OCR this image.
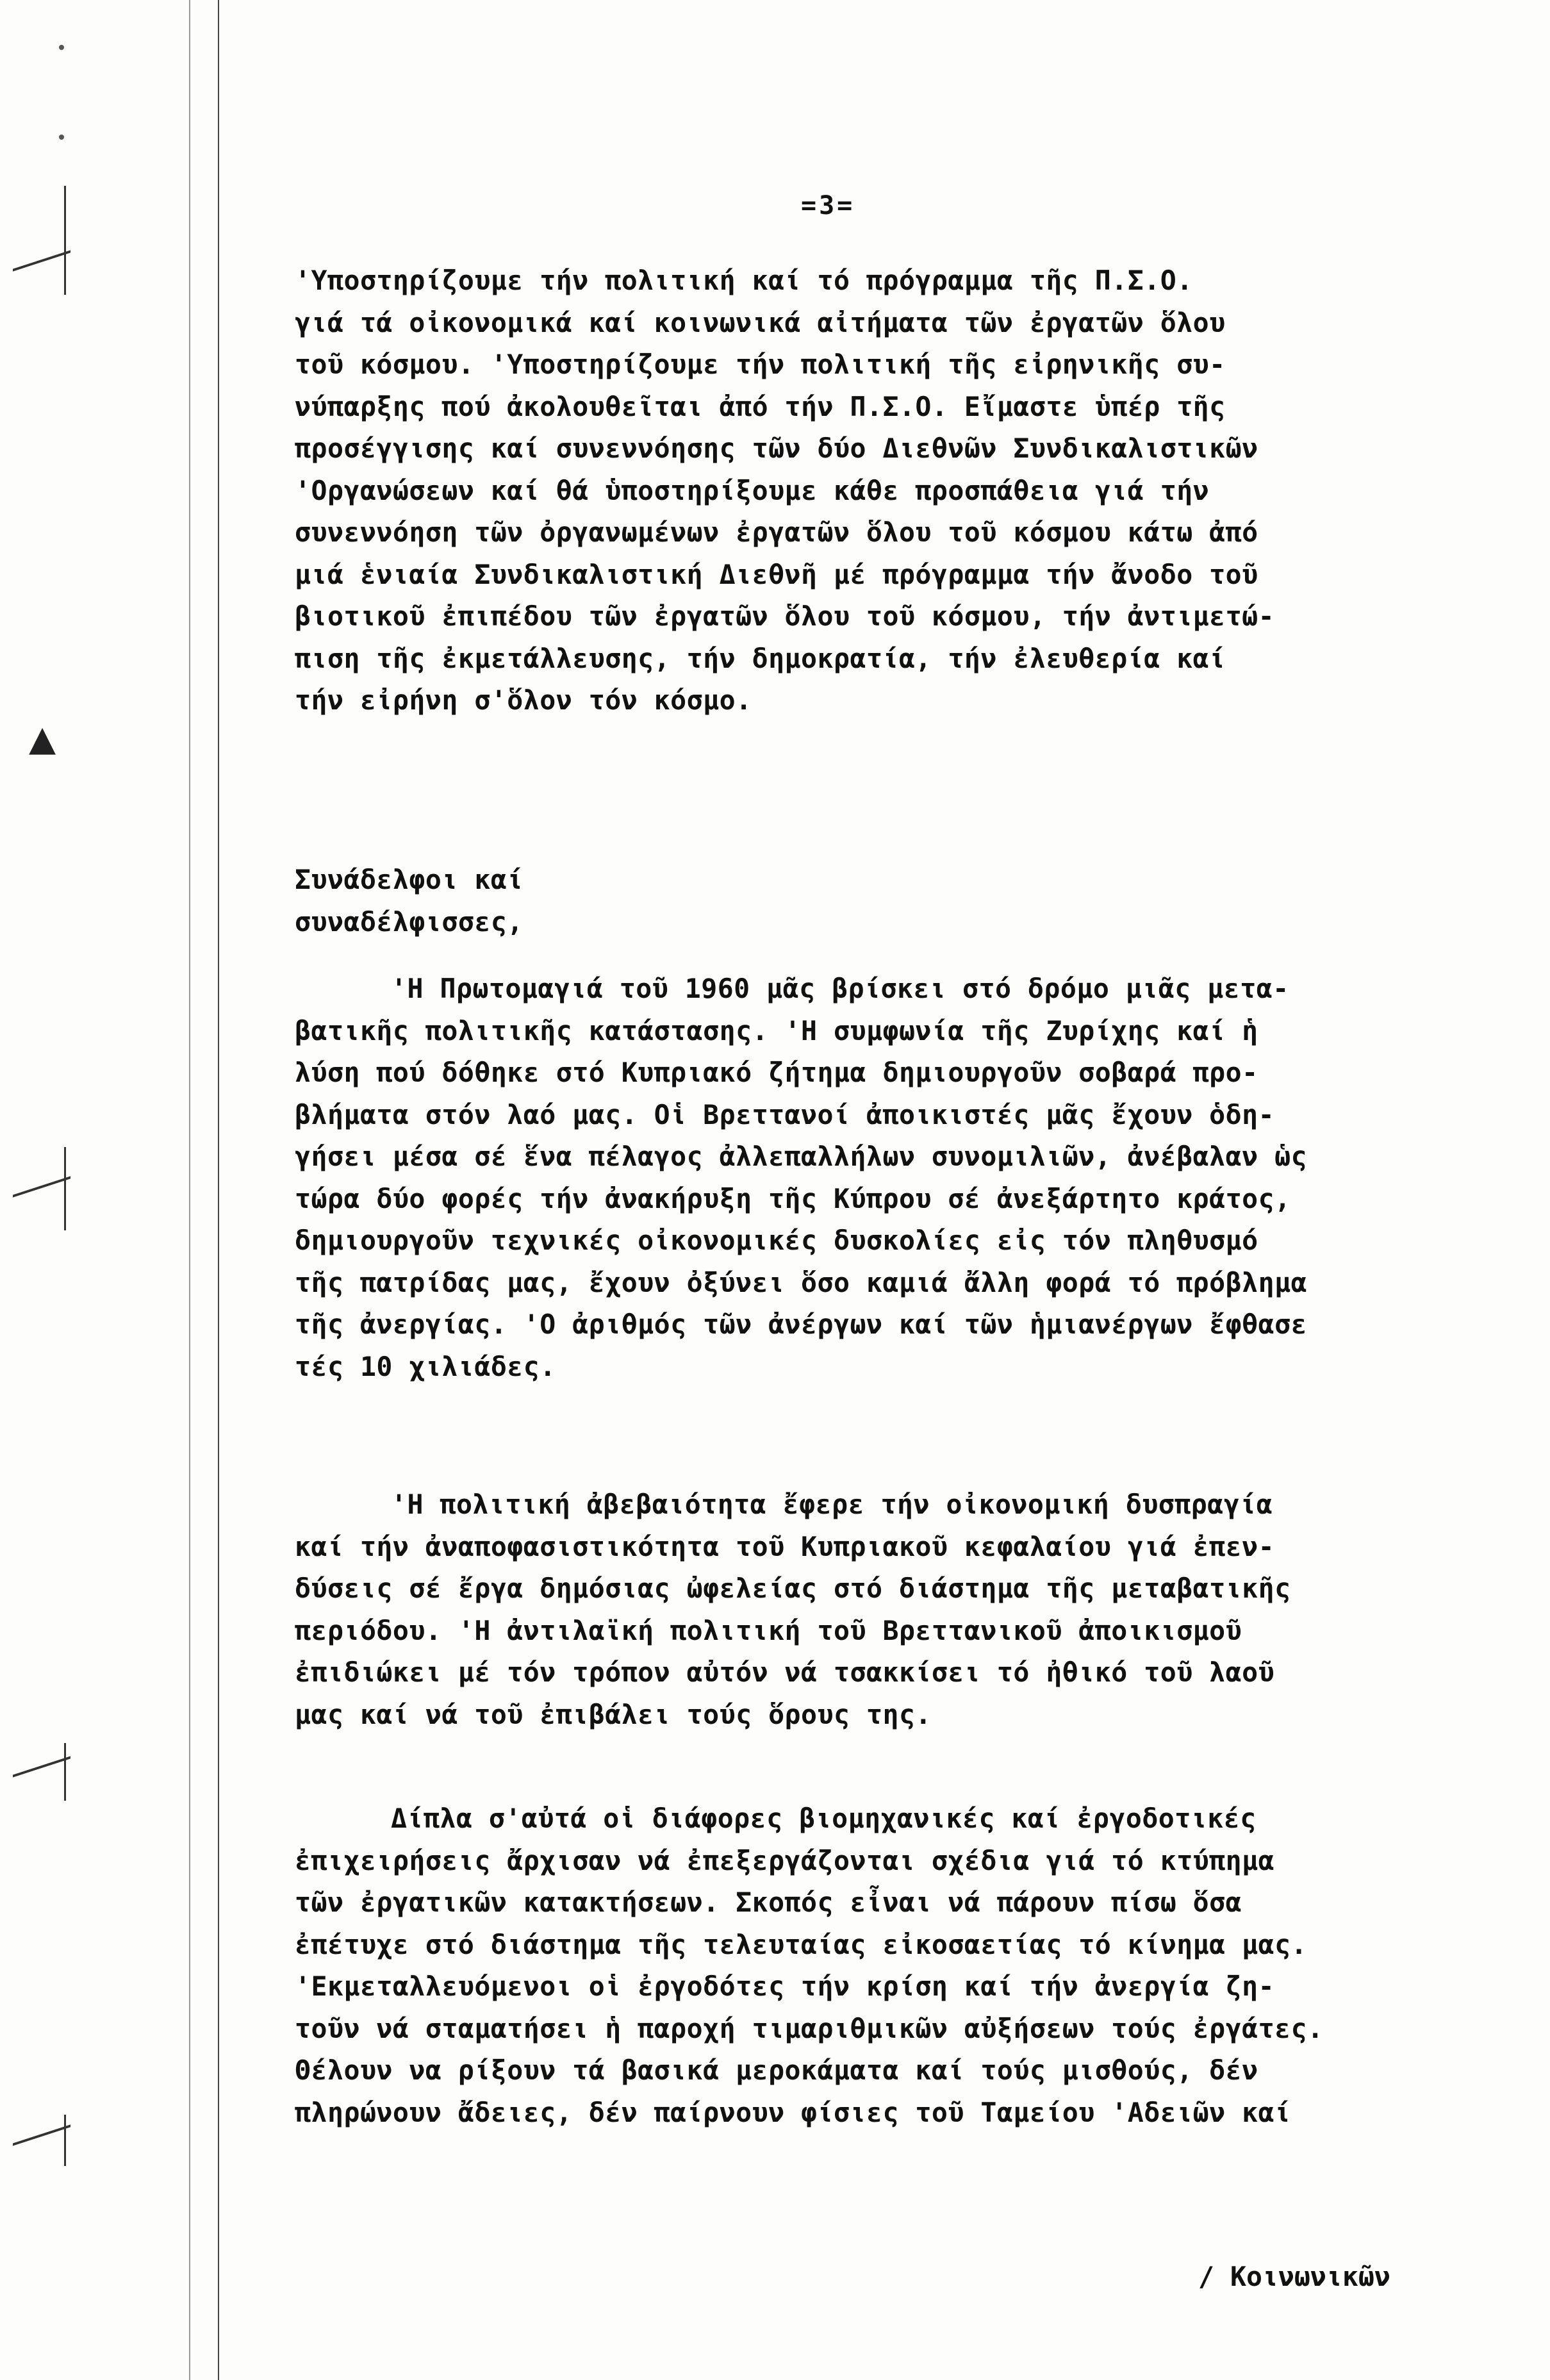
▲
=3=
'Υποστηρίζουμε τήν πολιτική καί τό πρόγραμμα τῆς Π.Σ.Ο.
γιά τά οἰκονομικά καί κοινωνικά αἰτήματα τῶν ἐργατῶν ὅλου
τοῦ κόσμου. 'Υποστηρίζουμε τήν πολιτική τῆς εἰρηνικῆς συ-
νύπαρξης πού ἀκολουθεῖται ἀπό τήν Π.Σ.Ο. Εἴμαστε ὑπέρ τῆς
προσέγγισης καί συνεννόησης τῶν δύο Διεθνῶν Συνδικαλιστικῶν
'Οργανώσεων καί θά ὑποστηρίξουμε κάθε προσπάθεια γιά τήν
συνεννόηση τῶν ὀργανωμένων ἐργατῶν ὅλου τοῦ κόσμου κάτω ἀπό
μιά ἑνιαία Συνδικαλιστική Διεθνῆ μέ πρόγραμμα τήν ἄνοδο τοῦ
βιοτικοῦ ἐπιπέδου τῶν ἐργατῶν ὅλου τοῦ κόσμου, τήν ἀντιμετώ-
πιση τῆς ἐκμετάλλευσης, τήν δημοκρατία, τήν ἐλευθερία καί
τήν εἰρήνη σ'ὅλον τόν κόσμο.
Συνάδελφοι καί
συναδέλφισσες,
'Η Πρωτομαγιά τοῦ 1960 μᾶς βρίσκει στό δρόμο μιᾶς μετα-
βατικῆς πολιτικῆς κατάστασης. 'Η συμφωνία τῆς Ζυρίχης καί ἡ
λύση πού δόθηκε στό Κυπριακό ζήτημα δημιουργοῦν σοβαρά προ-
βλήματα στόν λαό μας. Οἱ Βρεττανοί ἀποικιστές μᾶς ἔχουν ὁδη-
γήσει μέσα σέ ἕνα πέλαγος ἀλλεπαλλήλων συνομιλιῶν, ἀνέβαλαν ὡς
τώρα δύο φορές τήν ἀνακήρυξη τῆς Κύπρου σέ ἀνεξάρτητο κράτος,
δημιουργοῦν τεχνικές οἰκονομικές δυσκολίες εἰς τόν πληθυσμό
τῆς πατρίδας μας, ἔχουν ὀξύνει ὅσο καμιά ἄλλη φορά τό πρόβλημα
τῆς ἀνεργίας. 'Ο ἀριθμός τῶν ἀνέργων καί τῶν ἡμιανέργων ἔφθασε
τές 10 χιλιάδες.
'Η πολιτική ἀβεβαιότητα ἔφερε τήν οἰκονομική δυσπραγία
καί τήν ἀναποφασιστικότητα τοῦ Κυπριακοῦ κεφαλαίου γιά ἐπεν-
δύσεις σέ ἔργα δημόσιας ὠφελείας στό διάστημα τῆς μεταβατικῆς
περιόδου. 'Η ἀντιλαϊκή πολιτική τοῦ Βρεττανικοῦ ἀποικισμοῦ
ἐπιδιώκει μέ τόν τρόπον αὐτόν νά τσακκίσει τό ἠθικό τοῦ λαοῦ
μας καί νά τοῦ ἐπιβάλει τούς ὅρους της.
Δίπλα σ'αὐτά οἱ διάφορες βιομηχανικές καί ἐργοδοτικές
ἐπιχειρήσεις ἄρχισαν νά ἐπεξεργάζονται σχέδια γιά τό κτύπημα
τῶν ἐργατικῶν κατακτήσεων. Σκοπός εἶναι νά πάρουν πίσω ὅσα
ἐπέτυχε στό διάστημα τῆς τελευταίας εἰκοσαετίας τό κίνημα μας.
'Εκμεταλλευόμενοι οἱ ἐργοδότες τήν κρίση καί τήν ἀνεργία ζη-
τοῦν νά σταματήσει ἡ παροχή τιμαριθμικῶν αὐξήσεων τούς ἐργάτες.
Θέλουν να ρίξουν τά βασικά μεροκάματα καί τούς μισθούς, δέν
πληρώνουν ἄδειες, δέν παίρνουν φίσιες τοῦ Ταμείου 'Αδειῶν καί
/ Κοινωνικῶν
